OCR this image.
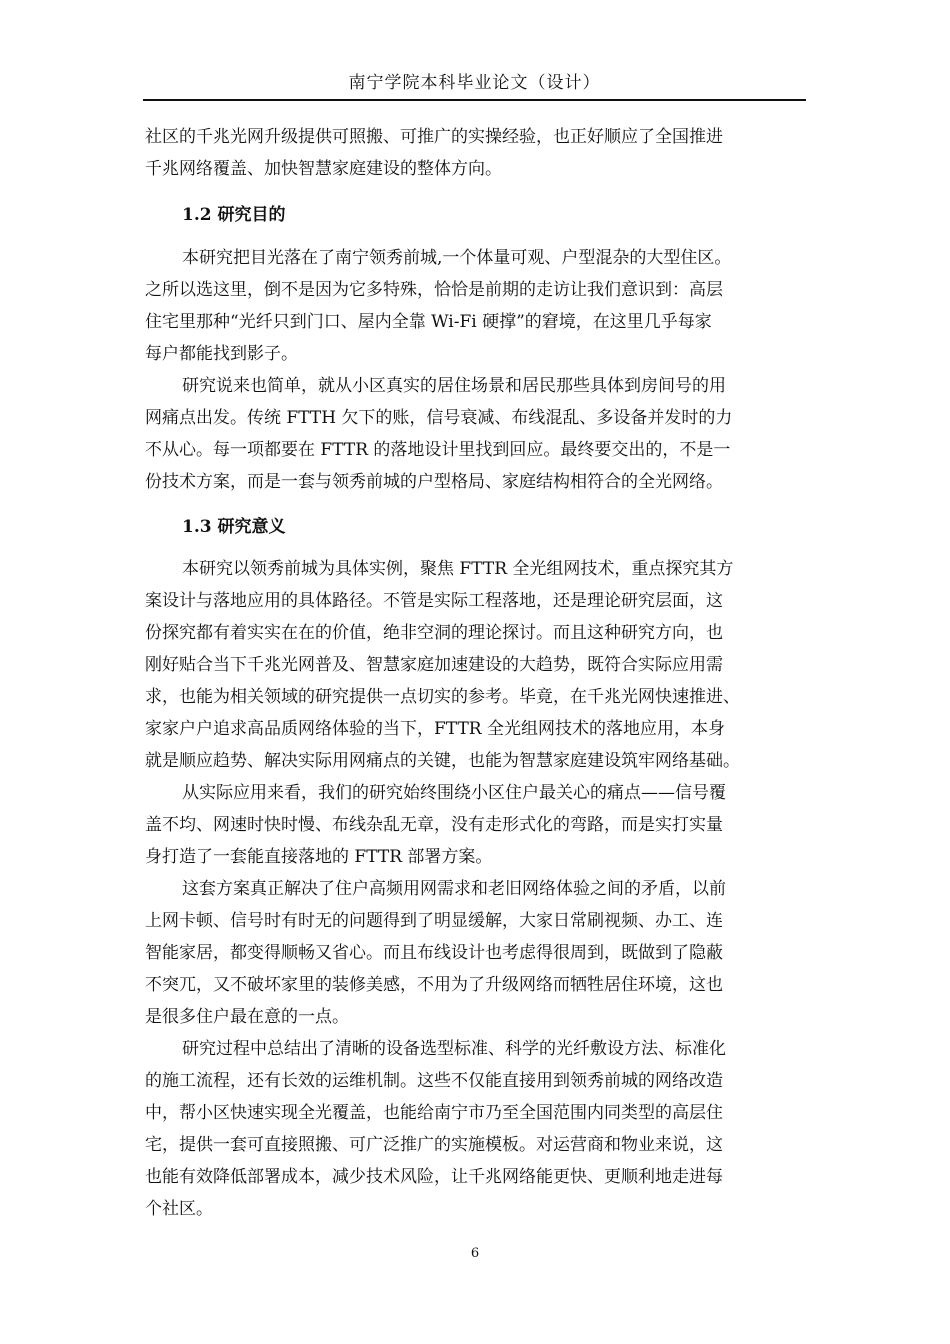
南宁学院本科毕业论文（设计）
社区的千兆光网升级提供可照搬、可推广的实操经验，也正好顺应了全国推进
千兆网络覆盖、加快智慧家庭建设的整体方向。
1.2 研究目的
本研究把目光落在了南宁领秀前城,一个体量可观、户型混杂的大型住区。
之所以选这里，倒不是因为它多特殊，恰恰是前期的走访让我们意识到：高层
住宅里那种“光纤只到门口、屋内全靠 Wi-Fi 硬撑”的窘境，在这里几乎每家
每户都能找到影子。
研究说来也简单，就从小区真实的居住场景和居民那些具体到房间号的用
网痛点出发。传统 FTTH 欠下的账，信号衰减、布线混乱、多设备并发时的力
不从心。每一项都要在 FTTR 的落地设计里找到回应。最终要交出的，不是一
份技术方案，而是一套与领秀前城的户型格局、家庭结构相符合的全光网络。
1.3 研究意义
本研究以领秀前城为具体实例，聚焦 FTTR 全光组网技术，重点探究其方
案设计与落地应用的具体路径。不管是实际工程落地，还是理论研究层面，这
份探究都有着实实在在的价值，绝非空洞的理论探讨。而且这种研究方向，也
刚好贴合当下千兆光网普及、智慧家庭加速建设的大趋势，既符合实际应用需
求，也能为相关领域的研究提供一点切实的参考。毕竟，在千兆光网快速推进、
家家户户追求高品质网络体验的当下，FTTR 全光组网技术的落地应用，本身
就是顺应趋势、解决实际用网痛点的关键，也能为智慧家庭建设筑牢网络基础。
从实际应用来看，我们的研究始终围绕小区住户最关心的痛点——信号覆
盖不均、网速时快时慢、布线杂乱无章，没有走形式化的弯路，而是实打实量
身打造了一套能直接落地的 FTTR 部署方案。
这套方案真正解决了住户高频用网需求和老旧网络体验之间的矛盾，以前
上网卡顿、信号时有时无的问题得到了明显缓解，大家日常刷视频、办工、连
智能家居，都变得顺畅又省心。而且布线设计也考虑得很周到，既做到了隐蔽
不突兀，又不破坏家里的装修美感，不用为了升级网络而牺牲居住环境，这也
是很多住户最在意的一点。
研究过程中总结出了清晰的设备选型标准、科学的光纤敷设方法、标准化
的施工流程，还有长效的运维机制。这些不仅能直接用到领秀前城的网络改造
中，帮小区快速实现全光覆盖，也能给南宁市乃至全国范围内同类型的高层住
宅，提供一套可直接照搬、可广泛推广的实施模板。对运营商和物业来说，这
也能有效降低部署成本，减少技术风险，让千兆网络能更快、更顺利地走进每
个社区。
6
